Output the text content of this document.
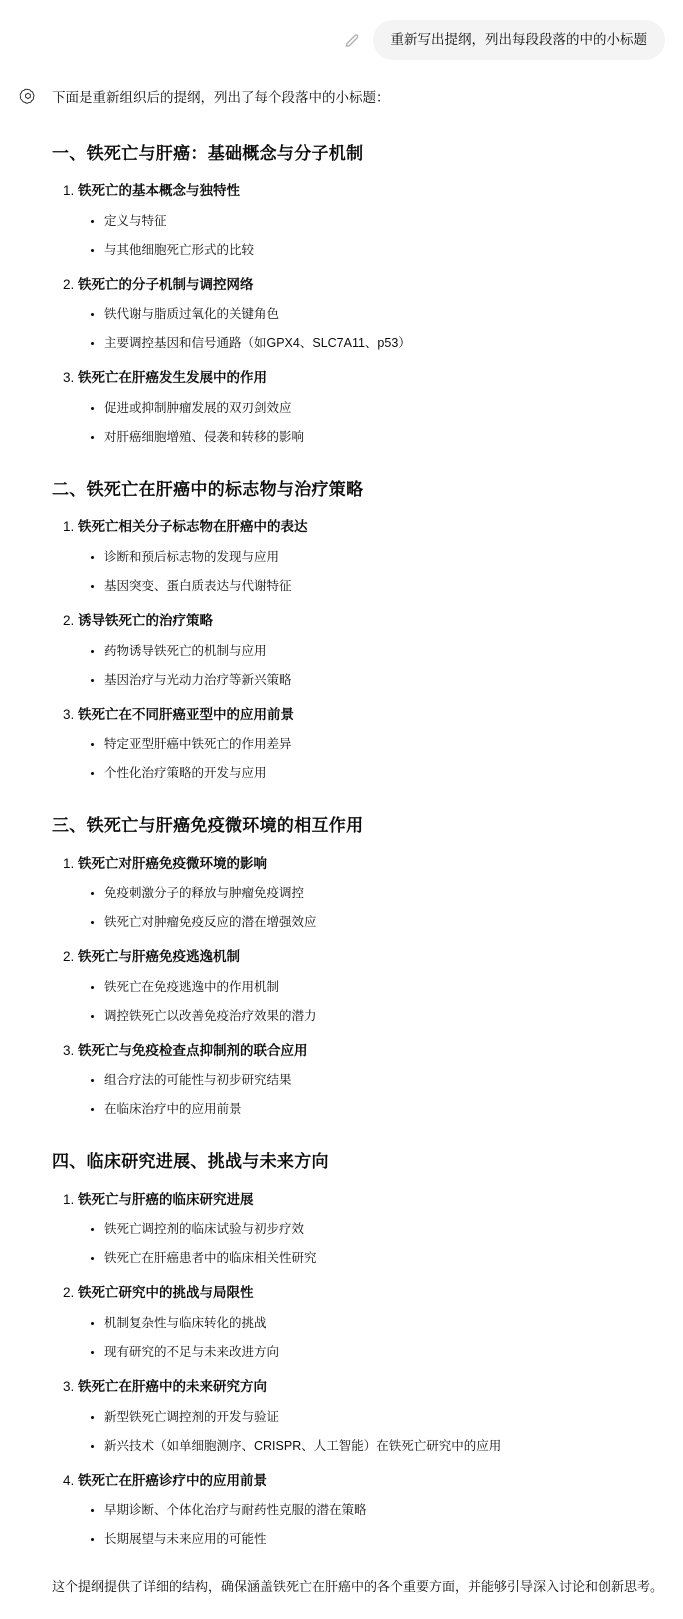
重新写出提纲，列出每段段落的中的小标题

下面是重新组织后的提纲，列出了每个段落中的小标题：

一、铁死亡与肝癌：基础概念与分子机制
1. 铁死亡的基本概念与独特性
• 定义与特征
• 与其他细胞死亡形式的比较
2. 铁死亡的分子机制与调控网络
• 铁代谢与脂质过氧化的关键角色
• 主要调控基因和信号通路（如GPX4、SLC7A11、p53）
3. 铁死亡在肝癌发生发展中的作用
• 促进或抑制肿瘤发展的双刃剑效应
• 对肝癌细胞增殖、侵袭和转移的影响
二、铁死亡在肝癌中的标志物与治疗策略
1. 铁死亡相关分子标志物在肝癌中的表达
• 诊断和预后标志物的发现与应用
• 基因突变、蛋白质表达与代谢特征
2. 诱导铁死亡的治疗策略
• 药物诱导铁死亡的机制与应用
• 基因治疗与光动力治疗等新兴策略
3. 铁死亡在不同肝癌亚型中的应用前景
• 特定亚型肝癌中铁死亡的作用差异
• 个性化治疗策略的开发与应用
三、铁死亡与肝癌免疫微环境的相互作用
1. 铁死亡对肝癌免疫微环境的影响
• 免疫刺激分子的释放与肿瘤免疫调控
• 铁死亡对肿瘤免疫反应的潜在增强效应
2. 铁死亡与肝癌免疫逃逸机制
• 铁死亡在免疫逃逸中的作用机制
• 调控铁死亡以改善免疫治疗效果的潜力
3. 铁死亡与免疫检查点抑制剂的联合应用
• 组合疗法的可能性与初步研究结果
• 在临床治疗中的应用前景
四、临床研究进展、挑战与未来方向
1. 铁死亡与肝癌的临床研究进展
• 铁死亡调控剂的临床试验与初步疗效
• 铁死亡在肝癌患者中的临床相关性研究
2. 铁死亡研究中的挑战与局限性
• 机制复杂性与临床转化的挑战
• 现有研究的不足与未来改进方向
3. 铁死亡在肝癌中的未来研究方向
• 新型铁死亡调控剂的开发与验证
• 新兴技术（如单细胞测序、CRISPR、人工智能）在铁死亡研究中的应用
4. 铁死亡在肝癌诊疗中的应用前景
• 早期诊断、个体化治疗与耐药性克服的潜在策略
• 长期展望与未来应用的可能性

这个提纲提供了详细的结构，确保涵盖铁死亡在肝癌中的各个重要方面，并能够引导深入讨论和创新思考。
